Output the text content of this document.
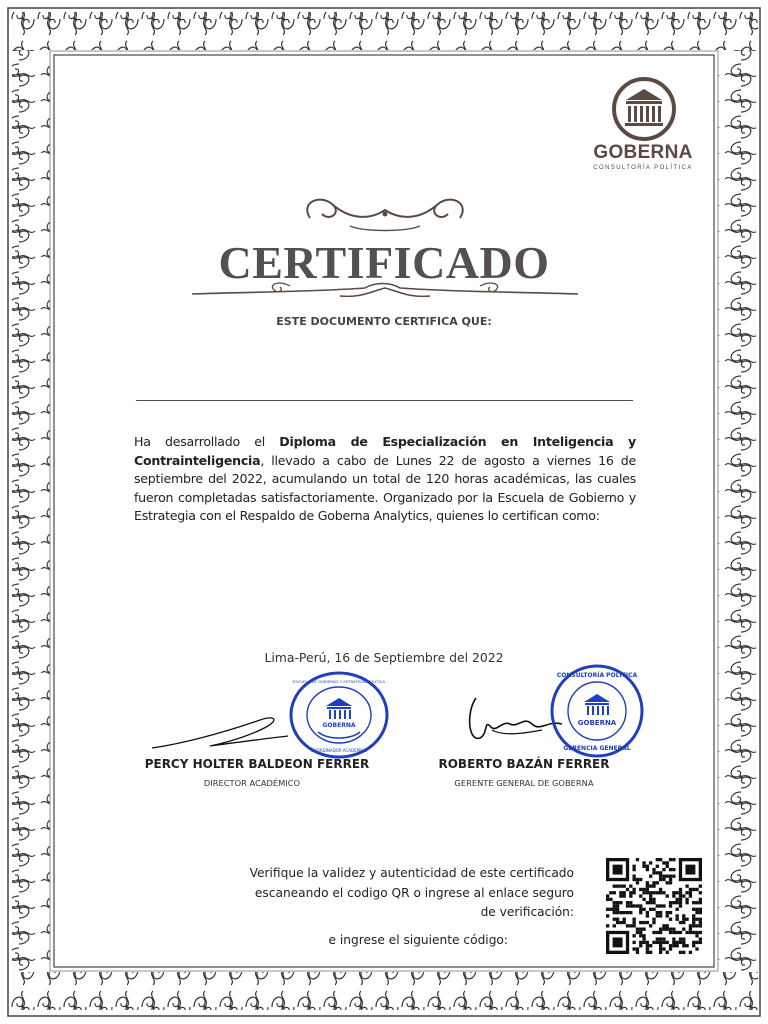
GOBERNA
CONSULTORÍA POLÍTICA
CERTIFICADO
ESTE DOCUMENTO CERTIFICA QUE:
Ha desarrollado el Diploma de Especialización en Inteligencia y Contrainteligencia, llevado a cabo de Lunes 22 de agosto a viernes 16 de septiembre del 2022, acumulando un total de 120 horas académicas, las cuales fueron completadas satisfactoriamente. Organizado por la Escuela de Gobierno y Estrategia con el Respaldo de Goberna Analytics, quienes lo certifican como:
Lima-Perú, 16 de Septiembre del 2022
GOBERNA
ESCUELA DE GOBIERNO Y ESTRATEGIA POLÍTICA
COORDINADOR ACADÉMICO
GOBERNA
CONSULTORÍA POLÍTICA
GERENCIA GENERAL
PERCY HOLTER BALDEON FERRER
DIRECTOR ACADÉMICO
ROBERTO BAZÁN FERRER
GERENTE GENERAL DE GOBERNA
Verifique la validez y autenticidad de este certificado escaneando el codigo QR o ingrese al enlace seguro de verificación:
e ingrese el siguiente código:
